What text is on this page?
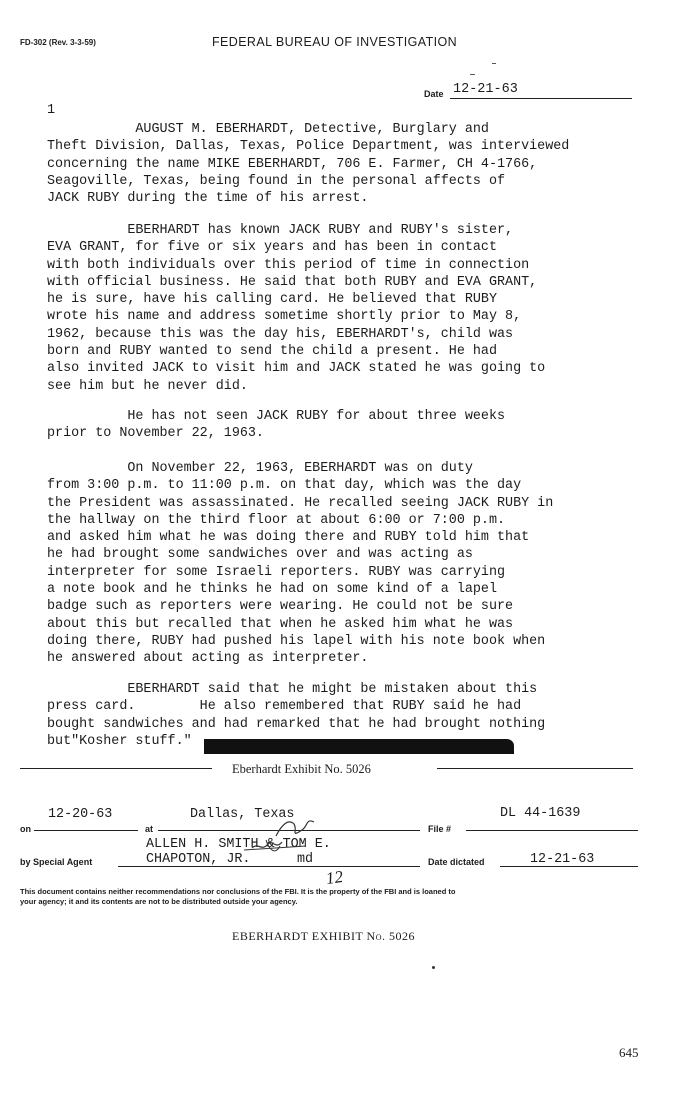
FD-302 (Rev. 3-3-59)	FEDERAL BUREAU OF INVESTIGATION
Date 12-21-63
1
AUGUST M. EBERHARDT, Detective, Burglary and
Theft Division, Dallas, Texas, Police Department, was interviewed
concerning the name MIKE EBERHARDT, 706 E. Farmer, CH 4-1766,
Seagoville, Texas, being found in the personal affects of
JACK RUBY during the time of his arrest.
EBERHARDT has known JACK RUBY and RUBY's sister,
EVA GRANT, for five or six years and has been in contact
with both individuals over this period of time in connection
with official business. He said that both RUBY and EVA GRANT,
he is sure, have his calling card. He believed that RUBY
wrote his name and address sometime shortly prior to May 8,
1962, because this was the day his, EBERHARDT's, child was
born and RUBY wanted to send the child a present. He had
also invited JACK to visit him and JACK stated he was going to
see him but he never did.
He has not seen JACK RUBY for about three weeks
prior to November 22, 1963.
On November 22, 1963, EBERHARDT was on duty
from 3:00 p.m. to 11:00 p.m. on that day, which was the day
the President was assassinated. He recalled seeing JACK RUBY in
the hallway on the third floor at about 6:00 or 7:00 p.m.
and asked him what he was doing there and RUBY told him that
he had brought some sandwiches over and was acting as
interpreter for some Israeli reporters. RUBY was carrying
a note book and he thinks he had on some kind of a lapel
badge such as reporters were wearing. He could not be sure
about this but recalled that when he asked him what he was
doing there, RUBY had pushed his lapel with his note book when
he answered about acting as interpreter.
EBERHARDT said that he might be mistaken about this
press card.        He also remembered that RUBY said he had
bought sandwiches and had remarked that he had brought nothing
but"Kosher stuff."
Eberhardt Exhibit No. 5026
on
12-20-63
at
Dallas, Texas
File #
DL 44-1639
ALLEN H. SMITH & TOM E.
by Special Agent	CHAPOTON, JR.	md	Date dictated	12-21-63
12
This document contains neither recommendations nor conclusions of the FBI. It is the property of the FBI and is loaned to
your agency; it and its contents are not to be distributed outside your agency.
EBERHARDT EXHIBIT No. 5026
645
